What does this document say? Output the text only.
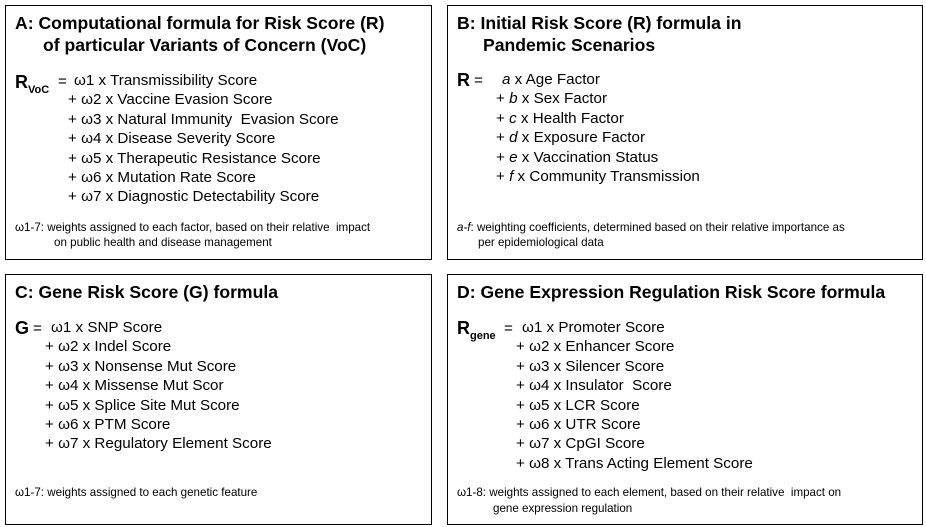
A: Computational formula for Risk Score (R)
of particular Variants of Concern (VoC)
$R_{VoC} = \omega 1$ x Transmissibility Score
+ ω2 x Vaccine Evasion Score
+ ω3 x Natural Immunity  Evasion Score
+ ω4 x Disease Severity Score
+ ω5 x Therapeutic Resistance Score
+ ω6 x Mutation Rate Score
+ ω7 x Diagnostic Detectability Score
ω1-7: weights assigned to each factor, based on their relative  impact
on public health and disease management
B: Initial Risk Score (R) formula in
Pandemic Scenarios
R = a x Age Factor
+ b x Sex Factor
+ c x Health Factor
+ d x Exposure Factor
+ e x Vaccination Status
+ f x Community Transmission
a-f: weighting coefficients, determined based on their relative importance as
per epidemiological data
C: Gene Risk Score (G) formula
G = ω1 x SNP Score
+ ω2 x Indel Score
+ ω3 x Nonsense Mut Score
+ ω4 x Missense Mut Scor
+ ω5 x Splice Site Mut Score
+ ω6 x PTM Score
+ ω7 x Regulatory Element Score
ω1-7: weights assigned to each genetic feature
D: Gene Expression Regulation Risk Score formula
$R_{gene} = \omega 1$ x Promoter Score
+ ω2 x Enhancer Score
+ ω3 x Silencer Score
+ ω4 x Insulator  Score
+ ω5 x LCR Score
+ ω6 x UTR Score
+ ω7 x CpGI Score
+ ω8 x Trans Acting Element Score
ω1-8: weights assigned to each element, based on their relative  impact on
gene expression regulation
